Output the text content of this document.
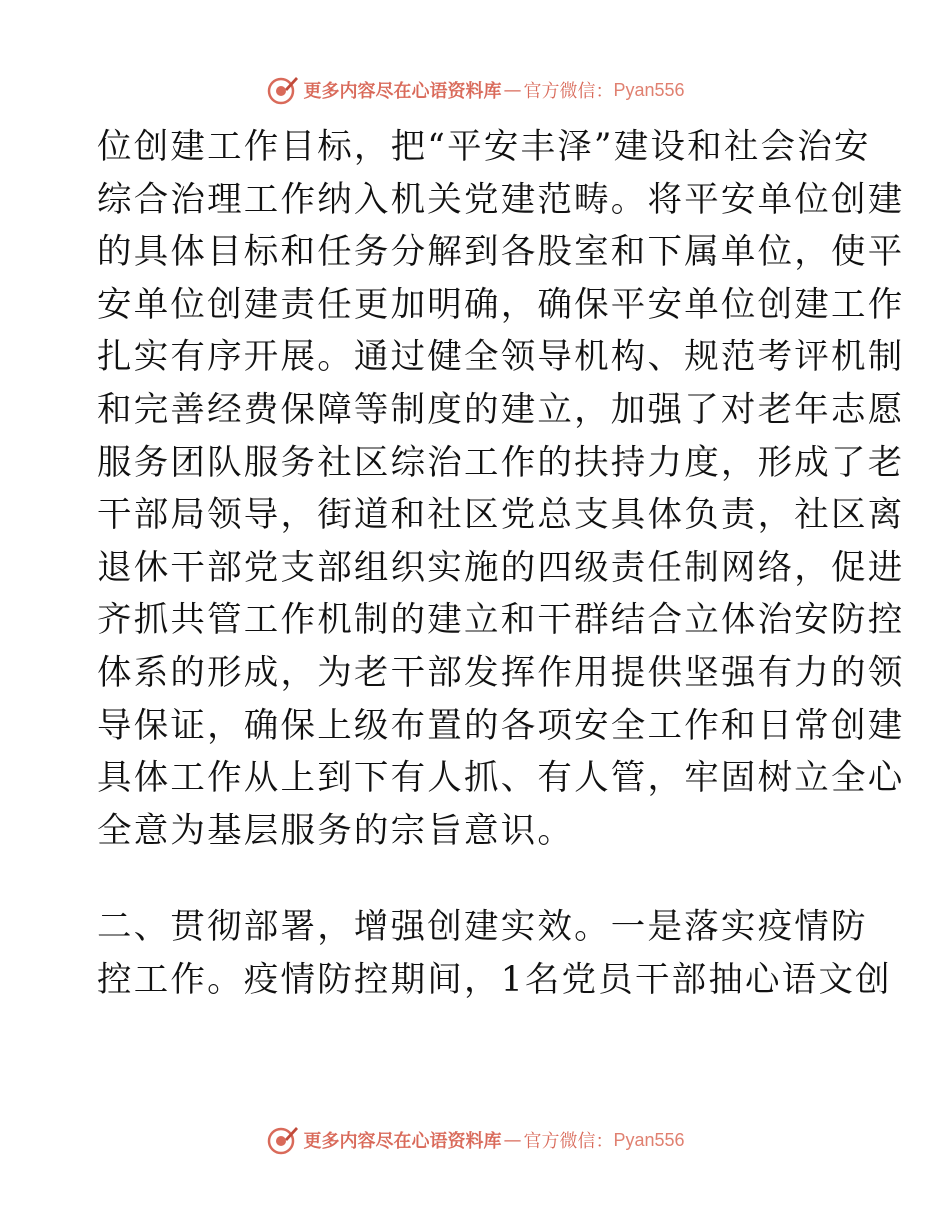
更多内容尽在心语资料库 — 官方微信： Pyan556

位创建工作目标，把“平安丰泽”建设和社会治安
综合治理工作纳入机关党建范畴。将平安单位创建
的具体目标和任务分解到各股室和下属单位，使平
安单位创建责任更加明确，确保平安单位创建工作
扎实有序开展。通过健全领导机构、规范考评机制
和完善经费保障等制度的建立，加强了对老年志愿
服务团队服务社区综治工作的扶持力度，形成了老
干部局领导，街道和社区党总支具体负责，社区离
退休干部党支部组织实施的四级责任制网络，促进
齐抓共管工作机制的建立和干群结合立体治安防控
体系的形成，为老干部发挥作用提供坚强有力的领
导保证，确保上级布置的各项安全工作和日常创建
具体工作从上到下有人抓、有人管，牢固树立全心
全意为基层服务的宗旨意识。

二、贯彻部署，增强创建实效。一是落实疫情防
控工作。疫情防控期间，1名党员干部抽心语文创

更多内容尽在心语资料库 — 官方微信： Pyan556
